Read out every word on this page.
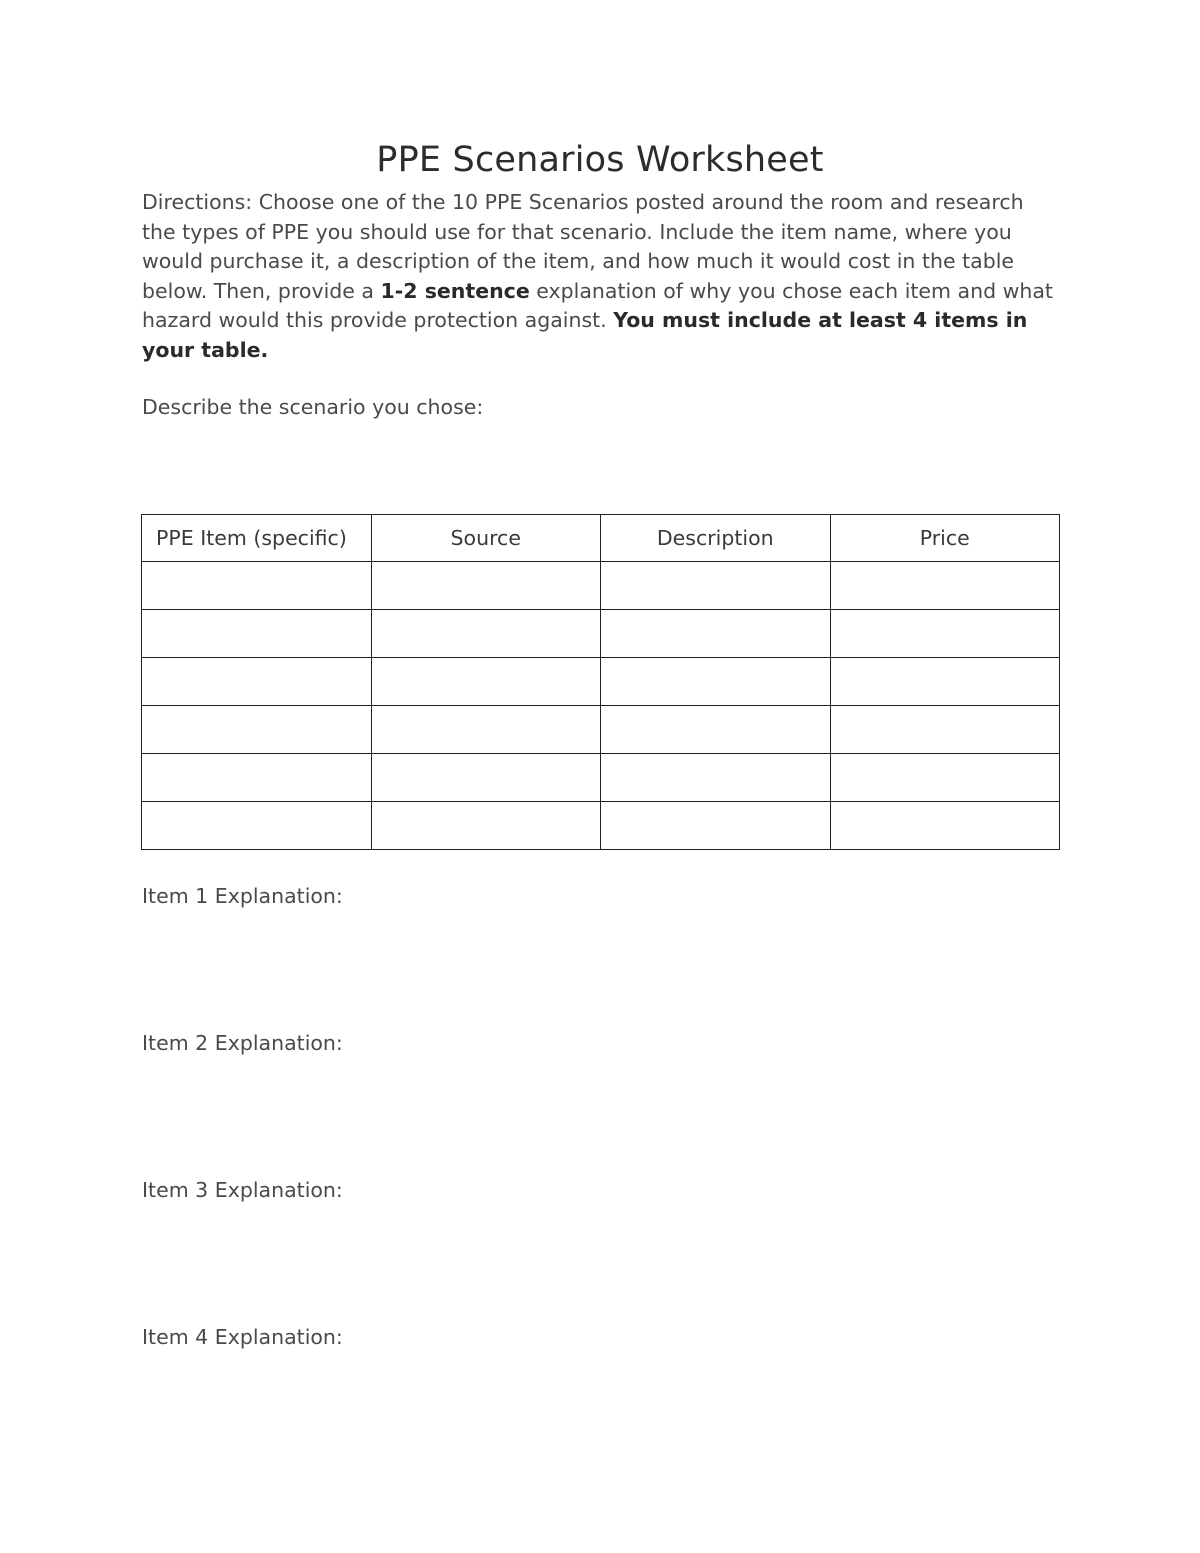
PPE Scenarios Worksheet

Directions: Choose one of the 10 PPE Scenarios posted around the room and research the types of PPE you should use for that scenario. Include the item name, where you would purchase it, a description of the item, and how much it would cost in the table below. Then, provide a 1-2 sentence explanation of why you chose each item and what hazard would this provide protection against. You must include at least 4 items in your table.

Describe the scenario you chose:

PPE Item (specific)	Source	Description	Price

Item 1 Explanation:

Item 2 Explanation:

Item 3 Explanation:

Item 4 Explanation:
